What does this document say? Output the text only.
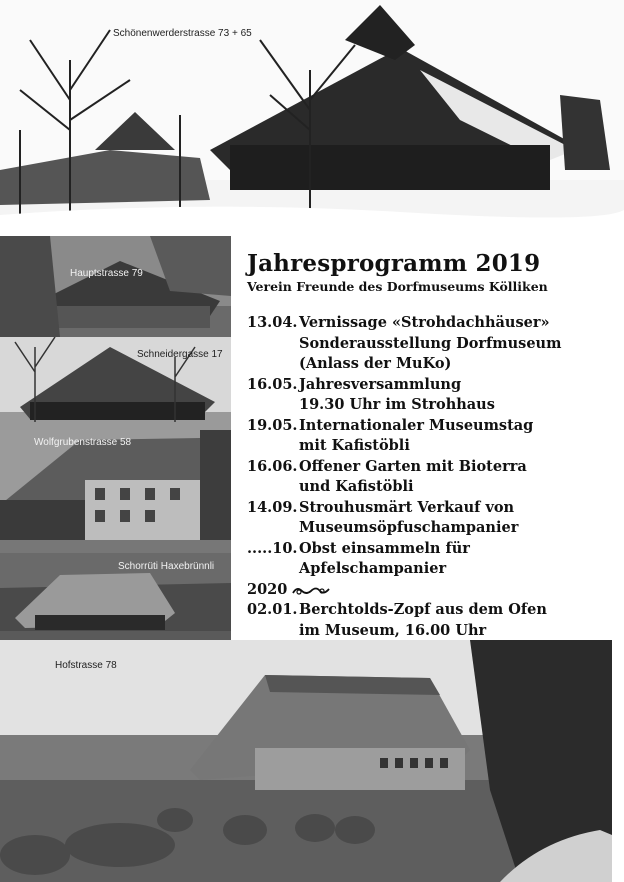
Schönenwerderstrasse 73 + 65
Hauptstrasse 79
Schneidergasse 17
Wolfgrubenstrasse 58
Schorrüti Haxebrünnli
Hofstrasse 78
Jahresprogramm 2019
Verein Freunde des Dorfmuseums Kölliken
13.04. Vernissage «Strohdachhäuser»
Sonderausstellung Dorfmuseum
(Anlass der MuKo)
16.05. Jahresversammlung
19.30 Uhr im Strohhaus
19.05. Internationaler Museumstag
mit Kafistöbli
16.06. Offener Garten mit Bioterra
und Kafistöbli
14.09. Strouhusmärt Verkauf von
Museumsöpfuschampanier
.....10. Obst einsammeln für
Apfelschampanier
2020
02.01. Berchtolds-Zopf aus dem Ofen
im Museum, 16.00 Uhr
